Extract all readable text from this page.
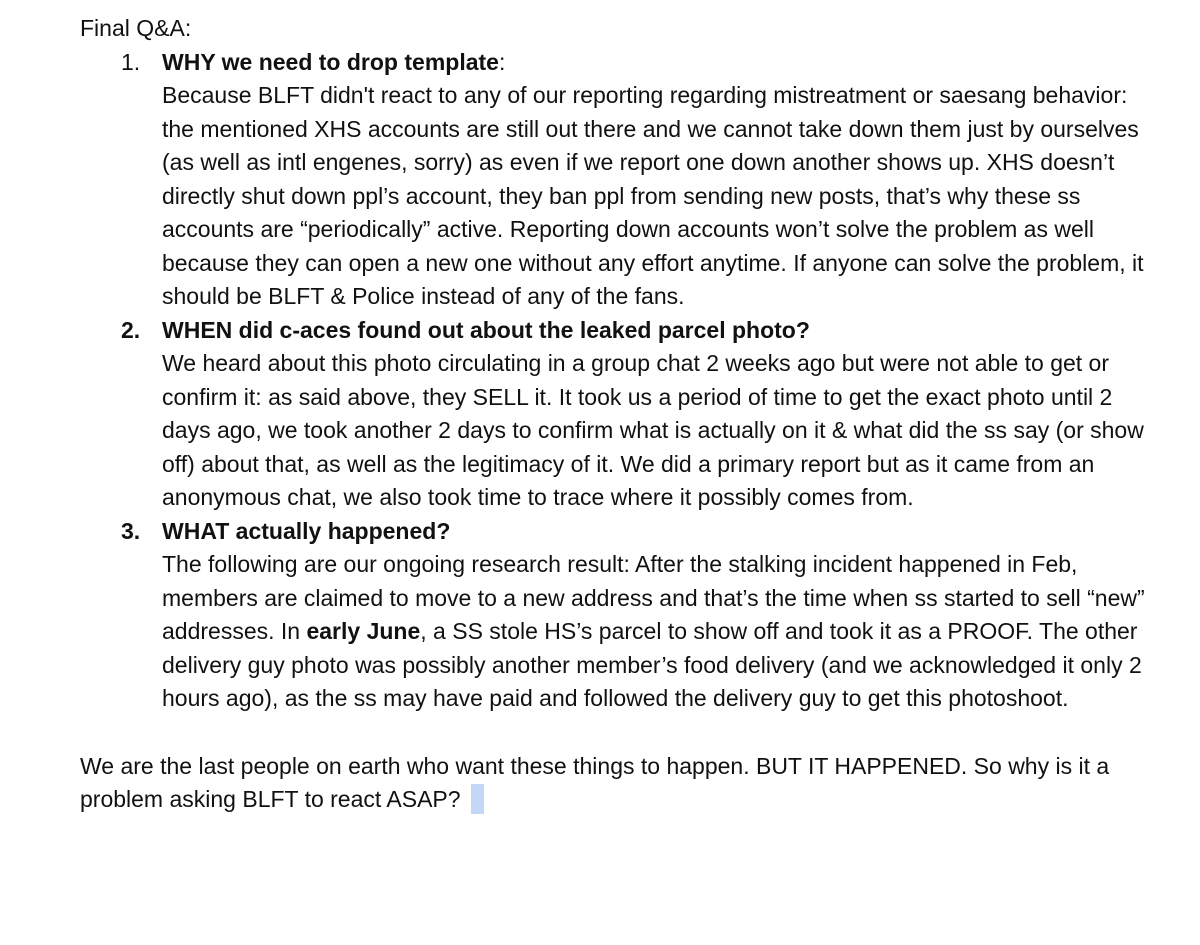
Final Q&A:

1. WHY we need to drop template:

Because BLFT didn't react to any of our reporting regarding mistreatment or saesang behavior: the mentioned XHS accounts are still out there and we cannot take down them just by ourselves (as well as intl engenes, sorry) as even if we report one down another shows up. XHS doesn’t directly shut down ppl’s account, they ban ppl from sending new posts, that’s why these ss accounts are “periodically” active. Reporting down accounts won’t solve the problem as well because they can open a new one without any effort anytime. If anyone can solve the problem, it should be BLFT & Police instead of any of the fans.

2. WHEN did c-aces found out about the leaked parcel photo?

We heard about this photo circulating in a group chat 2 weeks ago but were not able to get or confirm it: as said above, they SELL it. It took us a period of time to get the exact photo until 2 days ago, we took another 2 days to confirm what is actually on it & what did the ss say (or show off) about that, as well as the legitimacy of it. We did a primary report but as it came from an anonymous chat, we also took time to trace where it possibly comes from.

3. WHAT actually happened?

The following are our ongoing research result: After the stalking incident happened in Feb, members are claimed to move to a new address and that’s the time when ss started to sell “new” addresses. In early June, a SS stole HS’s parcel to show off and took it as a PROOF. The other delivery guy photo was possibly another member’s food delivery (and we acknowledged it only 2 hours ago), as the ss may have paid and followed the delivery guy to get this photoshoot.

We are the last people on earth who want these things to happen. BUT IT HAPPENED. So why is it a problem asking BLFT to react ASAP?
